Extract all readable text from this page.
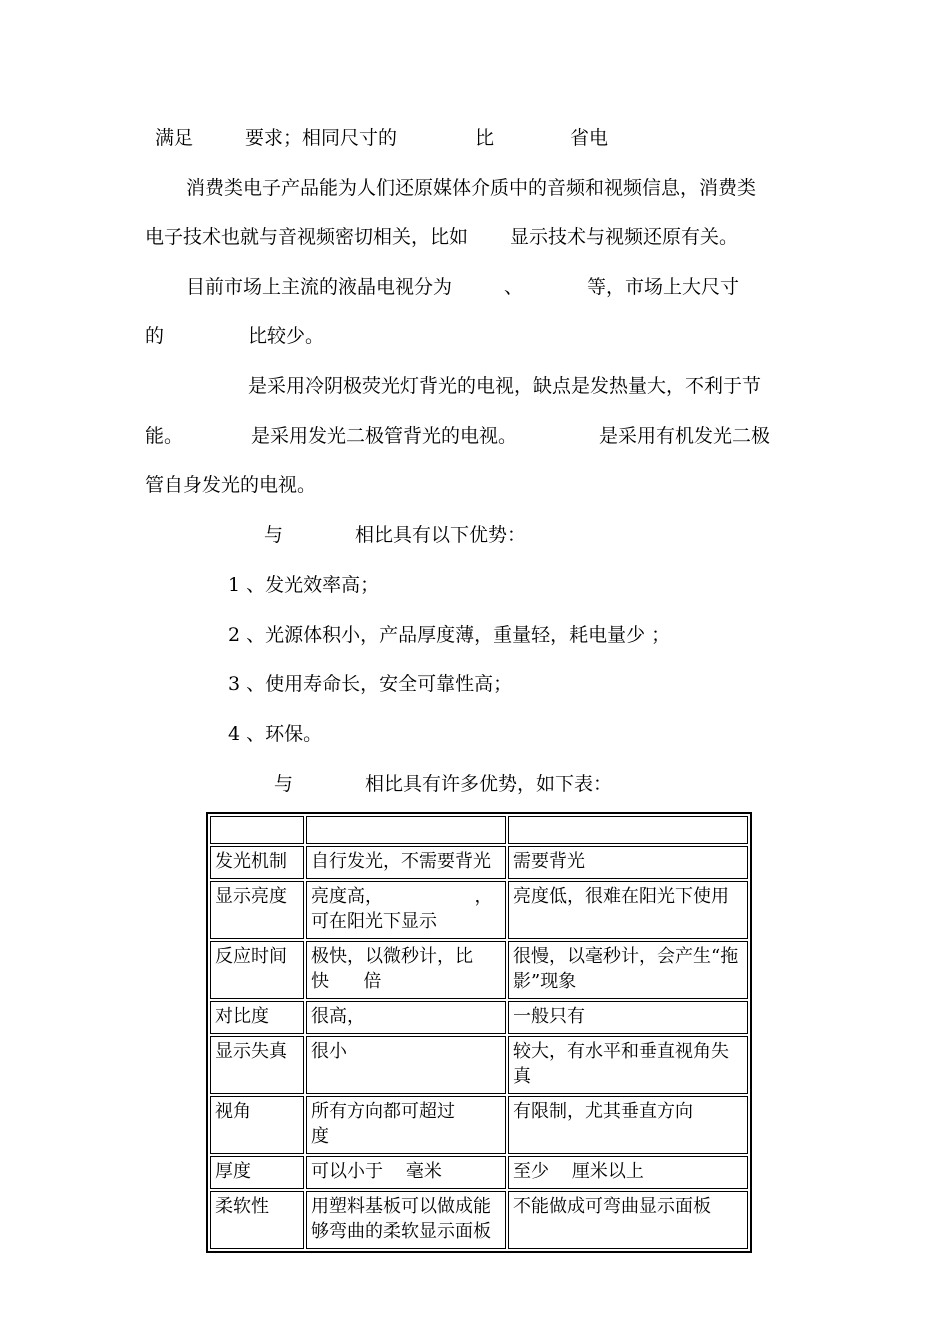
满足	要求；相同尺寸的	比	省电
消费类电子产品能为人们还原媒体介质中的音频和视频信息，消费类
电子技术也就与音视频密切相关，比如 显示技术与视频还原有关。
目前市场上主流的液晶电视分为	、	等，市场上大尺寸
的	比较少。
是采用冷阴极荧光灯背光的电视，缺点是发热量大，不利于节
能。	是采用发光二极管背光的电视。	是采用有机发光二极
管自身发光的电视。
与	相比具有以下优势：
1 、发光效率高；
2 、光源体积小，产品厚度薄，重量轻，耗电量少 ；
3 、使用寿命长，安全可靠性高；
4 、环保。
与	相比具有许多优势，如下表：

发光机制	自行发光，不需要背光	需要背光
显示亮度	亮度高，                ，可在阳光下显示	亮度低，很难在阳光下使用
反应时间	极快，以微秒计，比      快      倍	很慢，以毫秒计，会产生“拖影”现象
对比度	很高，	一般只有
显示失真	很小	较大，有水平和垂直视角失真
视角	所有方向都可超过      度	有限制，尤其垂直方向
厚度	可以小于    毫米	至少    厘米以上
柔软性	用塑料基板可以做成能够弯曲的柔软显示面板	不能做成可弯曲显示面板
